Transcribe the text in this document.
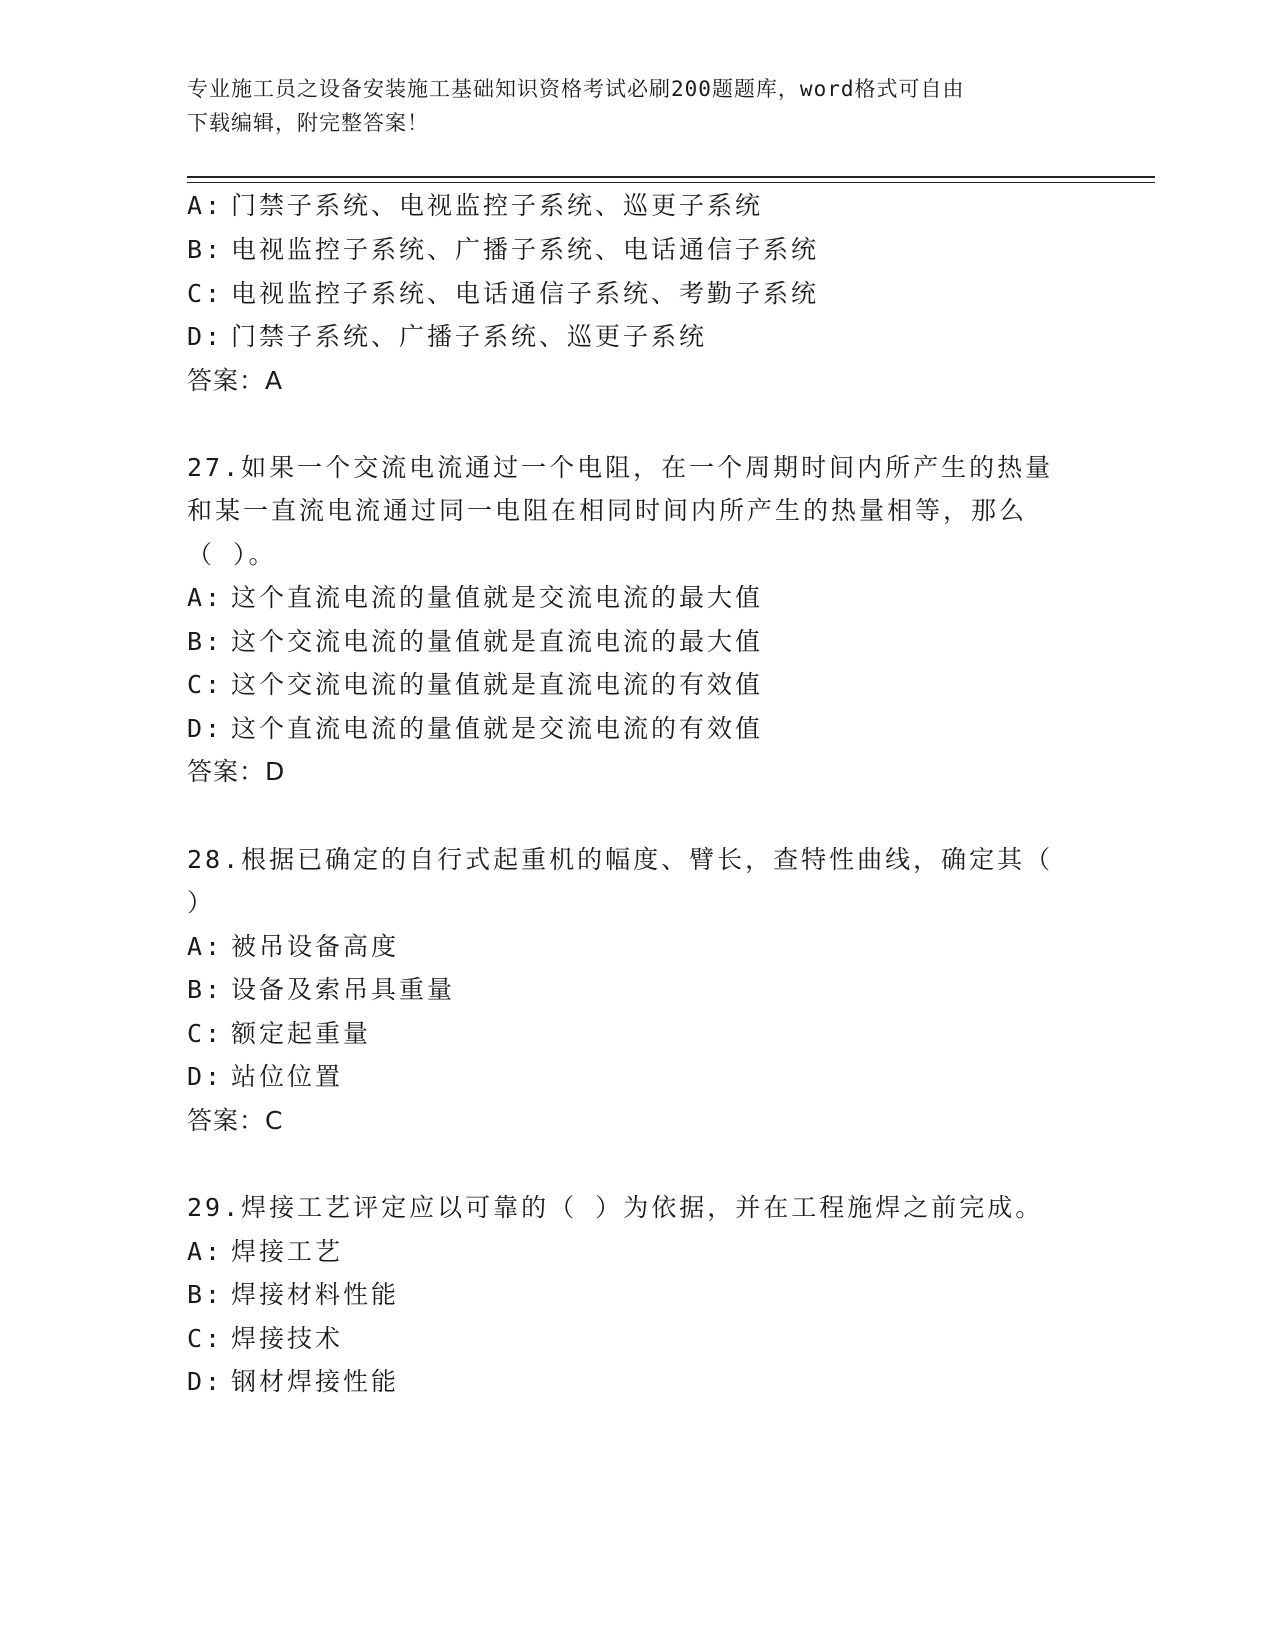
专业施工员之设备安装施工基础知识资格考试必刷200题题库，word格式可自由
下载编辑，附完整答案！
A: 门禁子系统、电视监控子系统、巡更子系统
B: 电视监控子系统、广播子系统、电话通信子系统
C: 电视监控子系统、电话通信子系统、考勤子系统
D: 门禁子系统、广播子系统、巡更子系统
答案：A
27.如果一个交流电流通过一个电阻，在一个周期时间内所产生的热量
和某一直流电流通过同一电阻在相同时间内所产生的热量相等，那么
（ ）。
A: 这个直流电流的量值就是交流电流的最大值
B: 这个交流电流的量值就是直流电流的最大值
C: 这个交流电流的量值就是直流电流的有效值
D: 这个直流电流的量值就是交流电流的有效值
答案：D
28.根据已确定的自行式起重机的幅度、臂长，查特性曲线，确定其（
）
A: 被吊设备高度
B: 设备及索吊具重量
C: 额定起重量
D: 站位位置
答案：C
29.焊接工艺评定应以可靠的（ ）为依据，并在工程施焊之前完成。
A: 焊接工艺
B: 焊接材料性能
C: 焊接技术
D: 钢材焊接性能
